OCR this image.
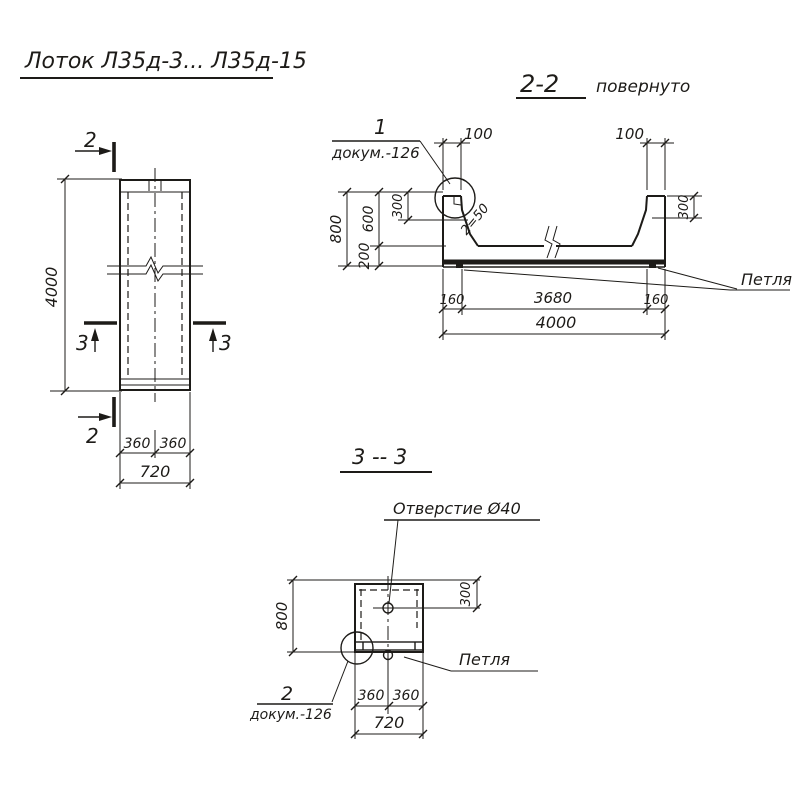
Лоток Л35д-3... Л35д-15
2
4000
3	3
2 360 360
720
2-2 повернуто
1
докум.-126
2=50
100	100
800 600
200
300	300
Петля
160	3680	160
4000
3 -- 3
Отверстие Ø40
2
докум.-126
800
300
Петля
360 360
720
